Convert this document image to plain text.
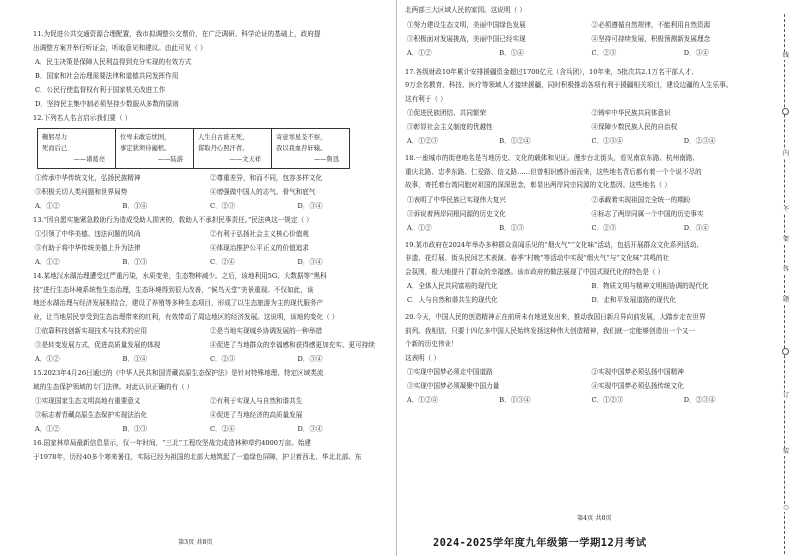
11.为促进公共交通资源合理配置，我市拟调整公交票价，在广泛调研、科学论证的基础上，政府提
出调整方案并举行听证会，听取意见和建议。由此可见（ ）
A．民主决策是保障人民利益得到充分实现的有效方式
B．国家和社会治理需要法律和道德共同发挥作用
C．公民行使监督权有利于国家机关改进工作
D．坚持民主集中制必须坚持少数服从多数的原则
12.下列名人名言启示我们要（ ）
鞠躬尽力
死而后已
——诸葛亮

位卑未敢忘忧国，
事定犹须待阖棺。
——陆游

人生自古谁无死，
留取丹心照汗青。
——文天祥

寄意寒星荃不察，
我以我血荐轩辕。
——鲁迅
①传承中华传统文化，弘扬民族精神	②尊重差异，和而不同，包容多样文化
③积极关切人类问题和世界局势	④增强做中国人的志气、骨气和底气
A．①②	B．①④	C．②③	D．③④
13.“因自愿实施紧急救助行为造成受助人损害的，救助人不承担民事责任。”民法典这一规定（ ）
①引领了中华美德、违法问题的风尚	②有利于弘扬社会主义核心价值观
③有助于将中华传统美德上升为法律	④体现治推护公平正义的价值追求
A．①②	B．①③	C．②④	D．③④
14.某地汉水湖治理遭受过严重污染，水质变差，生态物种减少。之后，该地利用5G、大数据等“黑科
技”进行生态环境系统性生态治理，生态环境得到很大改善，“候鸟天堂”美景重现。不仅如此，该
地还水湖治理与经济发展相结合，建设了养殖等多种生态项目，形成了以生态旅游为主的现代服务产
业，让当地居民享受到生态治理带来的红利，有效带动了周边地区的经济发展。这说明，该地的变化（ ）
①依靠科技创新实现技术与技术的应用	②是当地实现城乡协调发展的一种举措
③是转变发展方式，促进高质量发展的体现	④促进了当地群众的幸福感和获得感更加充实、更可持续
A．①②	B．①④	C．②③	D．③④
15.2023年4月26日通过的《中华人民共和国青藏高原生态保护法》是针对特殊地理、特定区域类流
域的生态保护领域的专门法律。对此认识正确的有（ ）
①实现国家生态文明高地有重要意义	②有利于实现人与自然和谐共生
③标志着青藏高原生态保护实现法治化	④促进了当地经济的高质量发展
A．①②	B．①③	C．②④	D．③④
16.国家林草局最新信息显示，仅一年时间，“三北”工程攻坚战完成造林种草约4000万亩。始建
于1978年，历经40多个寒来暑往，实际已经为祖国的北部大地筑起了一道绿色屏障，护卫着西北、华北北部、东
第3页 共8页
北两部三大区域人民的家园。这说明（ ）
①努力建设生态文明，美丽中国绿色发展	②必须遵循自然规律，不能利用自然资源
③积极面对发展挑战，美丽中国已经实现	④坚持可持续发展，积极预测新发展理念
A．①②	B．①④	C．②③	D．③④
17.各级财政10年累计安排援疆资金超过1700亿元（含兵团），10年来，5批次共2.1万名干部人才、
9万余名教育、科技、医疗等领域人才接续援疆，同时积极推动各项有利于援疆相关项目，建设边疆的人生乐事。
这有利于（ ）
①促进民族团结、共同繁荣	②铸牢中华民族共同体意识
③彰显社会主义制度的优越性	④保障少数民族人民的自治权
A．①②③	B．①②④	C．①③④	D．②③④
18.一座城市的街巷地名是当地历史、文化的载体和见证。漫步台北街头，看见南京东路、杭州南路、
重庆北路、忠孝东路、仁爱路、信义路……但曾相识感扑面而来，这些地名背后都有着一个个说不尽的
故事，寄托着台湾同胞对祖国的深深思念，彰显出两岸同宗同源的文化基因。这些地名（ ）
①表明了中华民族已实现伟大复兴	②承载着实现祖国完全统一的期盼
③诉说着两岸同根同源的历史文化	④标志了两岸同属一个中国的历史事实
A．①②	B．①③	C．②③	D．③④
19.某市政府在2024年举办多种群众喜闻乐见的“烟火气”“文化味”活动，包括开展群众文化系列活动、
非遗、花灯展、街头民间艺术表演、春季“村晚”等活动中实现“烟火气”与“文化味”共鸣的社
会氛围，极大地提升了群众的幸福感。该市政府的做法展现了中国式现代化的特色是（ ）
A．全体人民共同富裕的现代化	B．物质文明与精神文明相协调的现代化
C．人与自然和谐共生的现代化	D．走和平发展道路的现代化
20.今天，中国人民的创造精神正在前所未有地迸发出来，推动我国日新月异向前发展，大踏步走在世界
前列。我相信，只要十四亿多中国人民始终发扬这种伟大创造精神，我们就一定能够创造出一个又一
个新的历史伟业！
这表明（ ）
①实现中国梦必须走中国道路	②实现中国梦必须弘扬中国精神
③实现中国梦必须凝聚中国力量	④实现中国梦必须弘扬传统文化
A．①②④	B．①③④	C．①②③	D．②③④
第4页 共8页
2024-2025学年度九年级第一学期12月考试
线
内
不
要
答
题
订
装
○
